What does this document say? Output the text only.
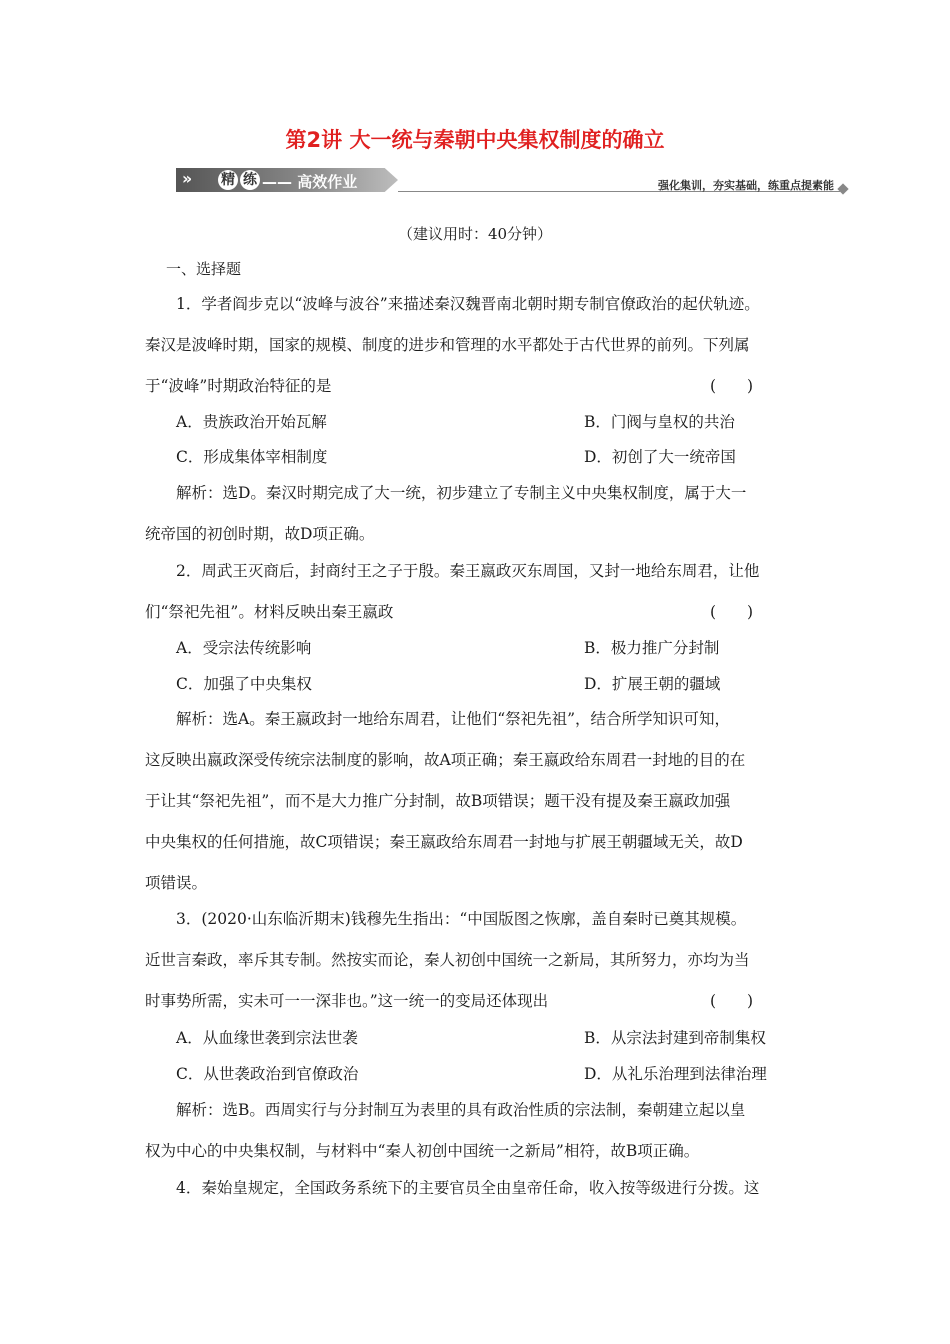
第2讲 大一统与秦朝中央集权制度的确立
›› 精 练 —— 高效作业	强化集训，夯实基础，练重点提素能
（建议用时：40分钟）
一、选择题
1．学者阎步克以“波峰与波谷”来描述秦汉魏晋南北朝时期专制官僚政治的起伏轨迹。
秦汉是波峰时期，国家的规模、制度的进步和管理的水平都处于古代世界的前列。下列属
于“波峰”时期政治特征的是	(　　)
A．贵族政治开始瓦解	B．门阀与皇权的共治
C．形成集体宰相制度	D．初创了大一统帝国
解析：选D。秦汉时期完成了大一统，初步建立了专制主义中央集权制度，属于大一
统帝国的初创时期，故D项正确。
2．周武王灭商后，封商纣王之子于殷。秦王嬴政灭东周国，又封一地给东周君，让他
们“祭祀先祖”。材料反映出秦王嬴政	(　　)
A．受宗法传统影响	B．极力推广分封制
C．加强了中央集权	D．扩展王朝的疆域
解析：选A。秦王嬴政封一地给东周君，让他们“祭祀先祖”，结合所学知识可知，
这反映出嬴政深受传统宗法制度的影响，故A项正确；秦王嬴政给东周君一封地的目的在
于让其“祭祀先祖”，而不是大力推广分封制，故B项错误；题干没有提及秦王嬴政加强
中央集权的任何措施，故C项错误；秦王嬴政给东周君一封地与扩展王朝疆域无关，故D
项错误。
3．(2020·山东临沂期末)钱穆先生指出：“中国版图之恢廓，盖自秦时已奠其规模。
近世言秦政，率斥其专制。然按实而论，秦人初创中国统一之新局，其所努力，亦均为当
时事势所需，实未可一一深非也。”这一统一的变局还体现出	(　　)
A．从血缘世袭到宗法世袭	B．从宗法封建到帝制集权
C．从世袭政治到官僚政治	D．从礼乐治理到法律治理
解析：选B。西周实行与分封制互为表里的具有政治性质的宗法制，秦朝建立起以皇
权为中心的中央集权制，与材料中“秦人初创中国统一之新局”相符，故B项正确。
4．秦始皇规定，全国政务系统下的主要官员全由皇帝任命，收入按等级进行分拨。这
